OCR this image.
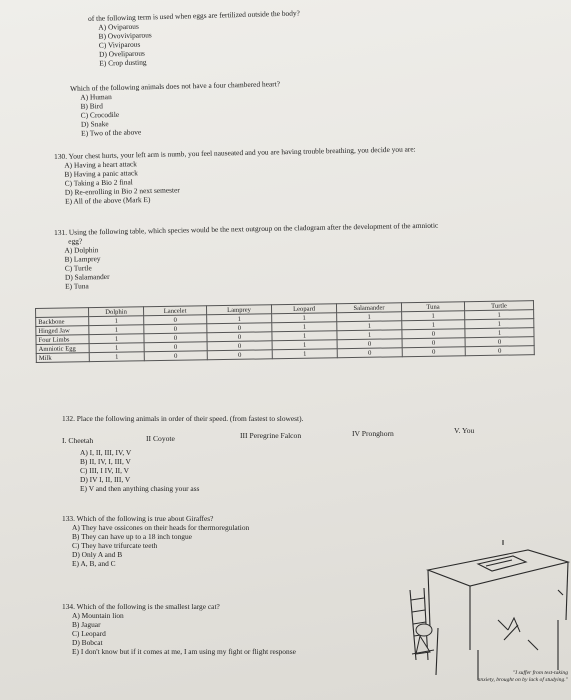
of the following term is used when eggs are fertilized outside the body?
A) Oviparous
B) Ovoviviparous
C) Viviparous
D) Oveliparous
E) Crop dusting
Which of the following animals does not have a four chambered heart?
A) Human
B) Bird
C) Crocodile
D) Snake
E) Two of the above
130. Your chest hurts, your left arm is numb, you feel nauseated and you are having trouble breathing, you decide you are:
A) Having a heart attack
B) Having a panic attack
C) Taking a Bio 2 final
D) Re-enrolling in Bio 2 next semester
E) All of the above (Mark E)
131. Using the following table, which species would be the next outgroup on the cladogram after the development of the amniotic
egg?
A) Dolphin
B) Lamprey
C) Turtle
D) Salamander
E) Tuna
	Dolphin	Lancelet	Lamprey	Leopard	Salamander	Tuna	Turtle
Backbone	1	0	1	1	1	1	1
Hinged Jaw	1	0	0	1	1	1	1
Four Limbs	1	0	0	1	1	0	1
Amniotic Egg	1	0	0	1	0	0	0
Milk	1	0	0	1	0	0	0
132. Place the following animals in order of their speed. (from fastest to slowest).
I. Cheetah	II Coyote	III Peregrine Falcon	IV Pronghorn	V. You
A) I, II, III, IV, V
B) II, IV, I, III, V
C) III, I IV, II, V
D) IV I, II, III, V
E) V and then anything chasing your ass
133. Which of the following is true about Giraffes?
A) They have ossicones on their heads for thermoregulation
B) They can have up to a 18 inch tongue
C) They have trifurcate teeth
D) Only A and B
E) A, B, and C
134. Which of the following is the smallest large cat?
A) Mountain lion
B) Jaguar
C) Leopard
D) Bobcat
E) I don't know but if it comes at me, I am using my fight or flight response
"I suffer from test-taking
anxiety, brought on by lack of studying."
